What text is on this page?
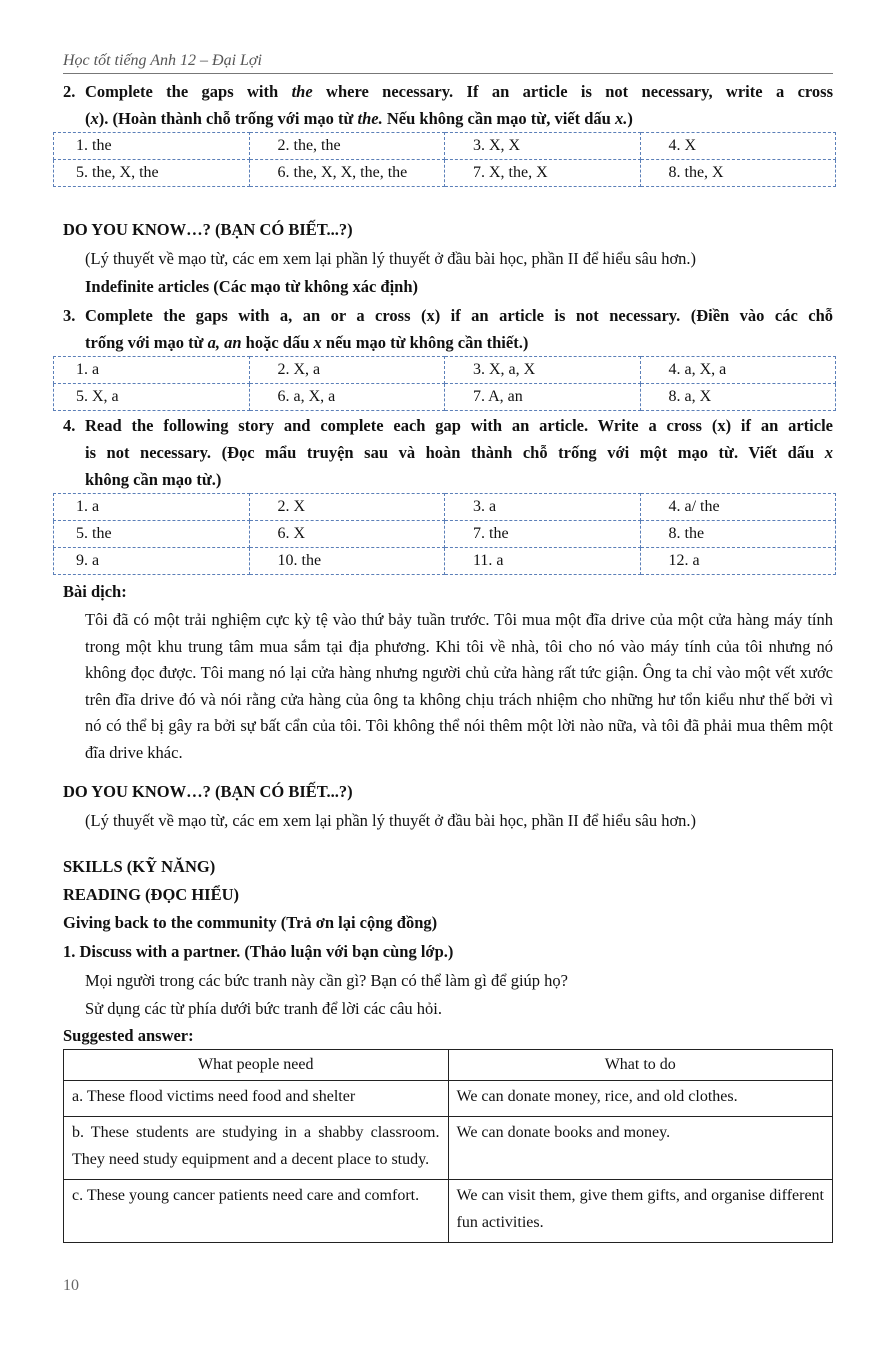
Học tốt tiếng Anh 12 – Đại Lợi
2. Complete the gaps with the where necessary. If an article is not necessary, write a cross
(x). (Hoàn thành chỗ trống với mạo từ the. Nếu không cần mạo từ, viết dấu x.)
1. the	2. the, the	3. X, X	4. X
5. the, X, the	6. the, X, X, the, the	7. X, the, X	8. the, X
DO YOU KNOW…? (BẠN CÓ BIẾT...?)
(Lý thuyết về mạo từ, các em xem lại phần lý thuyết ở đầu bài học, phần II để hiểu sâu hơn.)
Indefinite articles (Các mạo từ không xác định)
3. Complete the gaps with a, an or a cross (x) if an article is not necessary. (Điền vào các chỗ
trống với mạo từ a, an hoặc dấu x nếu mạo từ không cần thiết.)
1. a	2. X, a	3. X, a, X	4. a, X, a
5. X, a	6. a, X, a	7. A, an	8. a, X
4. Read the following story and complete each gap with an article. Write a cross (x) if an article
is not necessary. (Đọc mẩu truyện sau và hoàn thành chỗ trống với một mạo từ. Viết dấu x
không cần mạo từ.)
1. a	2. X	3. a	4. a/ the
5. the	6. X	7. the	8. the
9. a	10. the	11. a	12. a
Bài dịch:
Tôi đã có một trải nghiệm cực kỳ tệ vào thứ bảy tuần trước. Tôi mua một đĩa drive của một cửa hàng máy tính trong một khu trung tâm mua sắm tại địa phương. Khi tôi về nhà, tôi cho nó vào máy tính của tôi nhưng nó không đọc được. Tôi mang nó lại cửa hàng nhưng người chủ cửa hàng rất tức giận. Ông ta chỉ vào một vết xước trên đĩa drive đó và nói rằng cửa hàng của ông ta không chịu trách nhiệm cho những hư tổn kiểu như thế bởi vì nó có thể bị gây ra bởi sự bất cẩn của tôi. Tôi không thể nói thêm một lời nào nữa, và tôi đã phải mua thêm một đĩa drive khác.
DO YOU KNOW…? (BẠN CÓ BIẾT...?)
(Lý thuyết về mạo từ, các em xem lại phần lý thuyết ở đầu bài học, phần II để hiểu sâu hơn.)
SKILLS (KỸ NĂNG)
READING (ĐỌC HIỂU)
Giving back to the community (Trả ơn lại cộng đồng)
1. Discuss with a partner. (Thảo luận với bạn cùng lớp.)
Mọi người trong các bức tranh này cần gì? Bạn có thể làm gì để giúp họ?
Sử dụng các từ phía dưới bức tranh để lời các câu hỏi.
Suggested answer:
What people need	What to do
a. These flood victims need food and shelter	We can donate money, rice, and old clothes.
b. These students are studying in a shabby classroom. They need study equipment and a decent place to study.	We can donate books and money.
c. These young cancer patients need care and comfort.	We can visit them, give them gifts, and organise different fun activities.
10
